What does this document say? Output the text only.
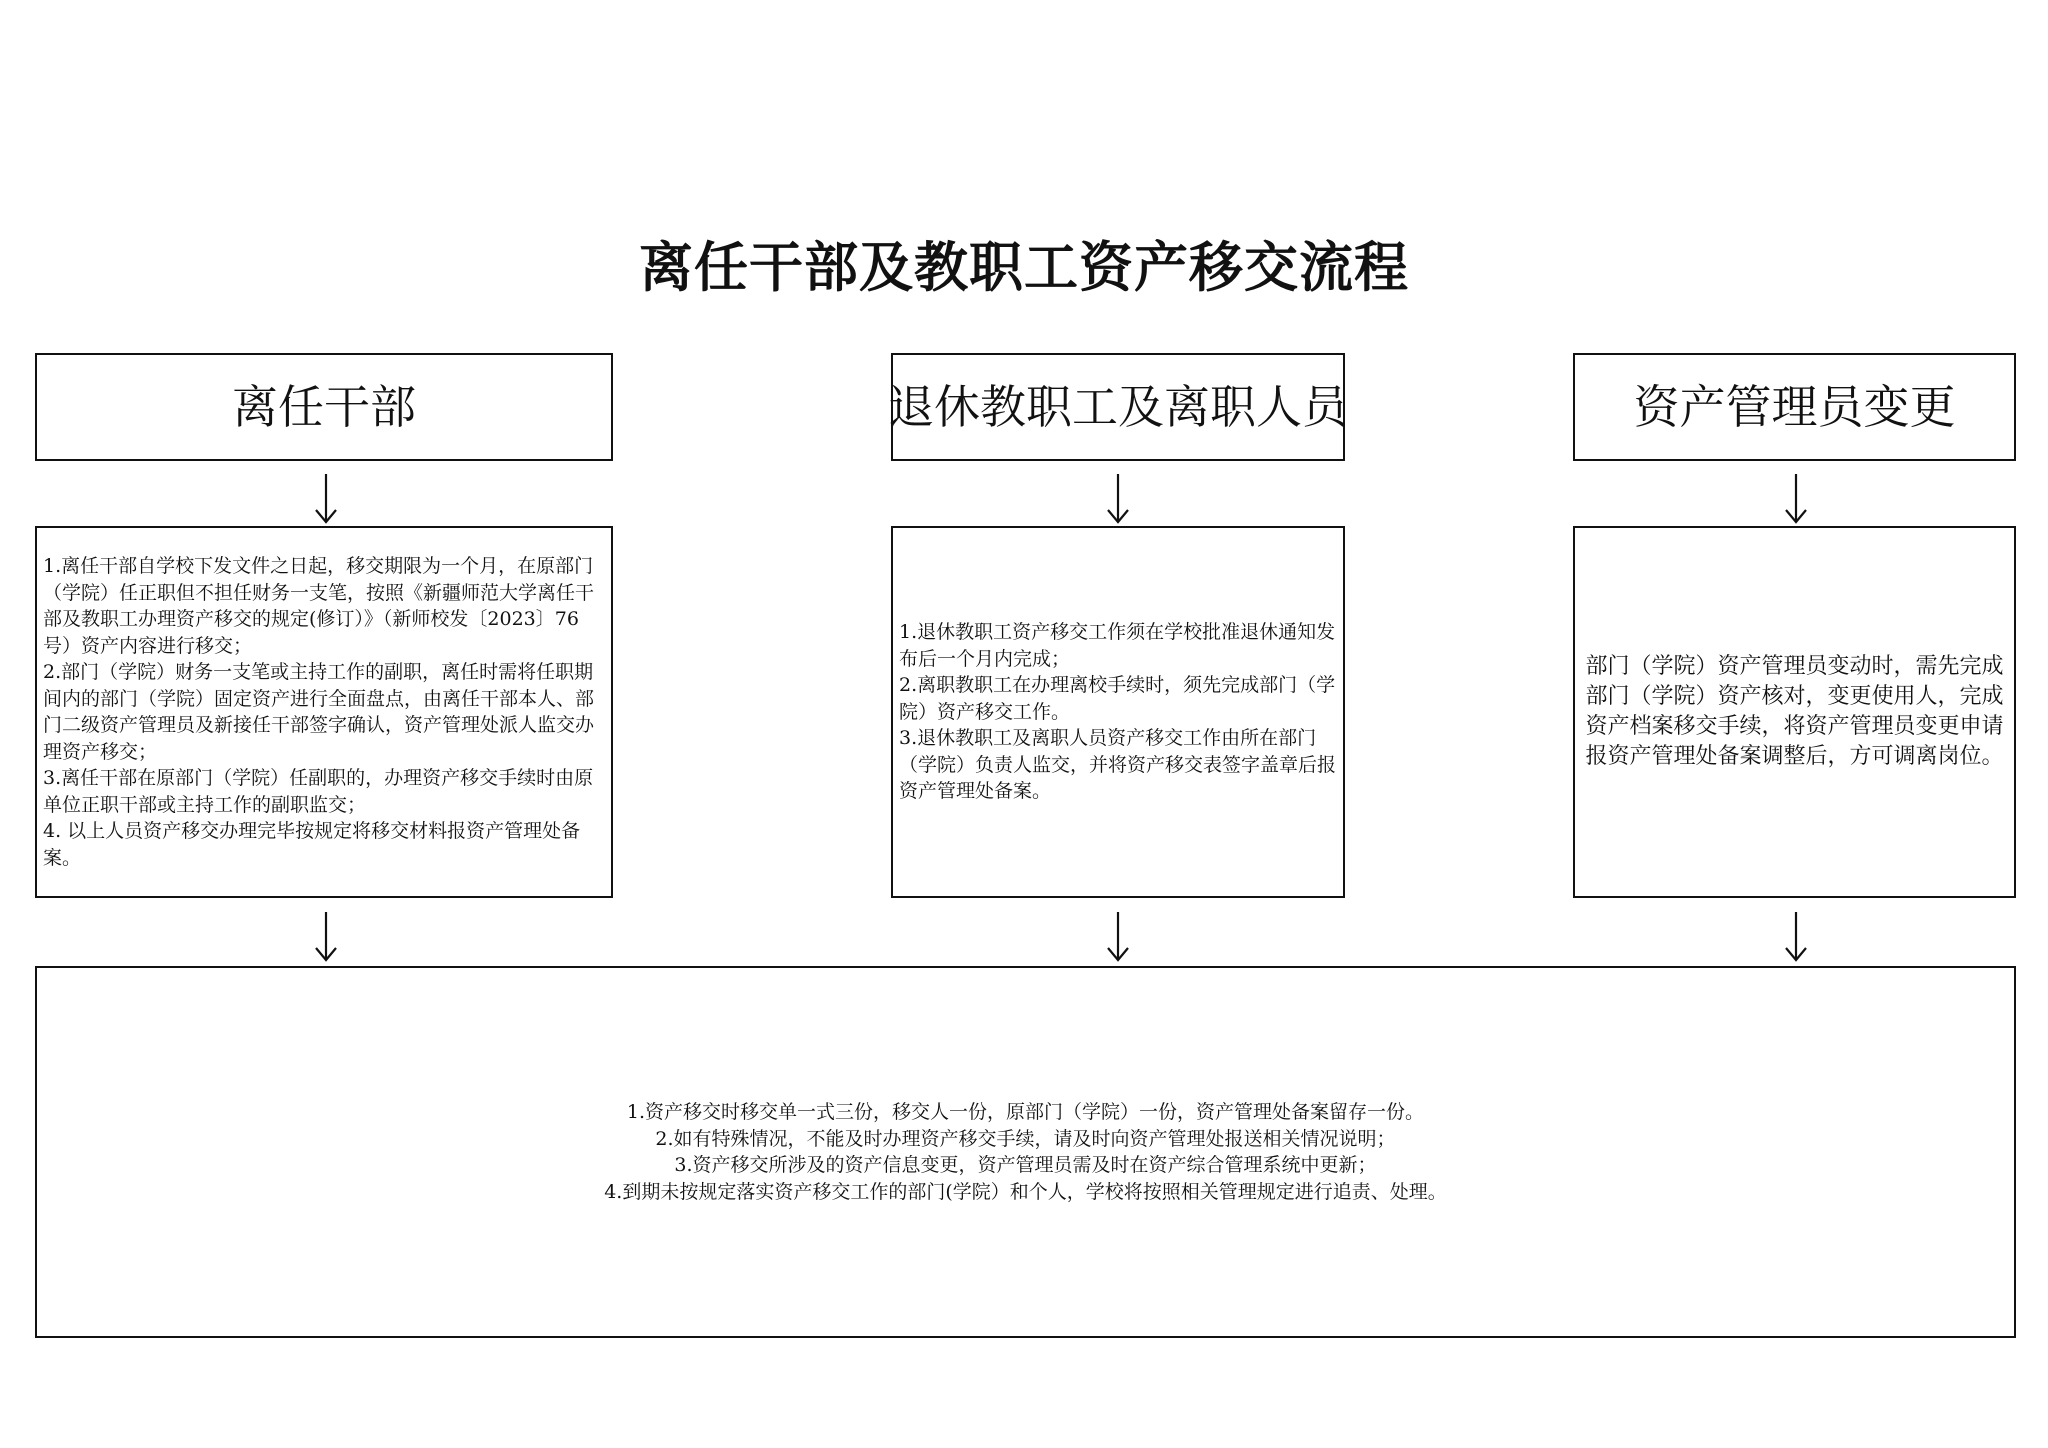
离任干部及教职工资产移交流程
离任干部	退休教职工及离职人员	资产管理员变更

1.离任干部自学校下发文件之日起，移交期限为一个月，在原部门（学院）任正职但不担任财务一支笔，按照《新疆师范大学离任干部及教职工办理资产移交的规定(修订）》（新师校发〔2023〕76号）资产内容进行移交；

2.部门（学院）财务一支笔或主持工作的副职，离任时需将任职期间内的部门（学院）固定资产进行全面盘点，由离任干部本人、部门二级资产管理员及新接任干部签字确认，资产管理处派人监交办理资产移交；

3.离任干部在原部门（学院）任副职的，办理资产移交手续时由原单位正职干部或主持工作的副职监交；

4. 以上人员资产移交办理完毕按规定将移交材料报资产管理处备案。

1.退休教职工资产移交工作须在学校批准退休通知发布后一个月内完成；

2.离职教职工在办理离校手续时，须先完成部门（学院）资产移交工作。

3.退休教职工及离职人员资产移交工作由所在部门（学院）负责人监交，并将资产移交表签字盖章后报资产管理处备案。

部门（学院）资产管理员变动时，需先完成部门（学院）资产核对，变更使用人，完成资产档案移交手续，将资产管理员变更申请报资产管理处备案调整后，方可调离岗位。

1.资产移交时移交单一式三份，移交人一份，原部门（学院）一份，资产管理处备案留存一份。

2.如有特殊情况，不能及时办理资产移交手续，请及时向资产管理处报送相关情况说明；

3.资产移交所涉及的资产信息变更，资产管理员需及时在资产综合管理系统中更新；

4.到期未按规定落实资产移交工作的部门(学院）和个人，学校将按照相关管理规定进行追责、处理。
